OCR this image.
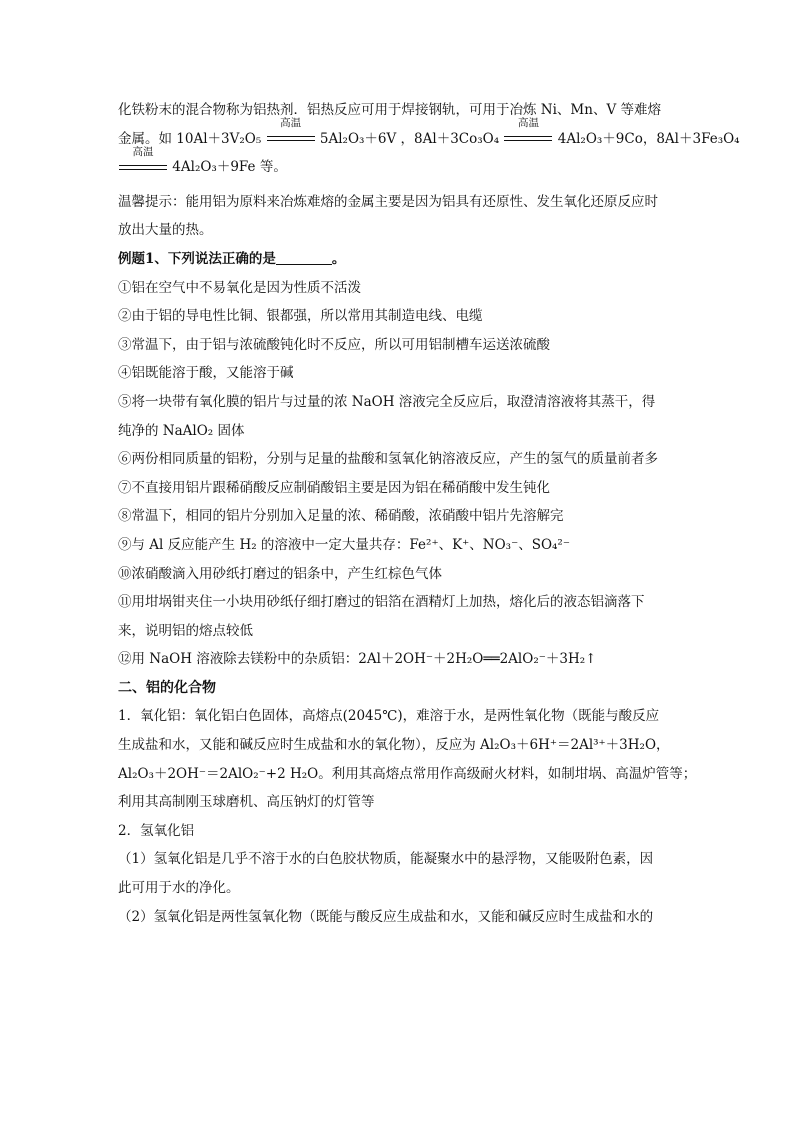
化铁粉末的混合物称为铝热剂．铝热反应可用于焊接钢轨，可用于冶炼 Ni、Mn、V 等难熔
金属。如 10Al＋3V₂O₅
高温
5Al₂O₃＋6V ，8Al＋3Co₃O₄
高温
4Al₂O₃＋9Co，8Al＋3Fe₃O₄
高温
4Al₂O₃＋9Fe 等。
温馨提示：能用铝为原料来冶炼难熔的金属主要是因为铝具有还原性、发生氧化还原反应时
放出大量的热。
例题1、下列说法正确的是	。
①铝在空气中不易氧化是因为性质不活泼
②由于铝的导电性比铜、银都强，所以常用其制造电线、电缆
③常温下，由于铝与浓硫酸钝化时不反应，所以可用铝制槽车运送浓硫酸
④铝既能溶于酸，又能溶于碱
⑤将一块带有氧化膜的铝片与过量的浓 NaOH 溶液完全反应后，取澄清溶液将其蒸干，得
纯净的 NaAlO₂ 固体
⑥两份相同质量的铝粉，分别与足量的盐酸和氢氧化钠溶液反应，产生的氢气的质量前者多
⑦不直接用铝片跟稀硝酸反应制硝酸铝主要是因为铝在稀硝酸中发生钝化
⑧常温下，相同的铝片分别加入足量的浓、稀硝酸，浓硝酸中铝片先溶解完
⑨与 Al 反应能产生 H₂ 的溶液中一定大量共存：Fe²⁺、K⁺、NO₃⁻、SO₄²⁻
⑩浓硝酸滴入用砂纸打磨过的铝条中，产生红棕色气体
⑪用坩埚钳夹住一小块用砂纸仔细打磨过的铝箔在酒精灯上加热，熔化后的液态铝滴落下
来，说明铝的熔点较低
⑫用 NaOH 溶液除去镁粉中的杂质铝：2Al＋2OH⁻＋2H₂O══2AlO₂⁻＋3H₂↑
二、铝的化合物
1．氧化铝：氧化铝白色固体，高熔点(2045℃)，难溶于水，是两性氧化物（既能与酸反应
生成盐和水，又能和碱反应时生成盐和水的氧化物），反应为 Al₂O₃＋6H⁺＝2Al³⁺＋3H₂O，
Al₂O₃＋2OH⁻＝2AlO₂⁻+2 H₂O。利用其高熔点常用作高级耐火材料，如制坩埚、高温炉管等；
利用其高制刚玉球磨机、高压钠灯的灯管等
2．氢氧化铝
（1）氢氧化铝是几乎不溶于水的白色胶状物质，能凝聚水中的悬浮物，又能吸附色素，因
此可用于水的净化。
（2）氢氧化铝是两性氢氧化物（既能与酸反应生成盐和水，又能和碱反应时生成盐和水的
